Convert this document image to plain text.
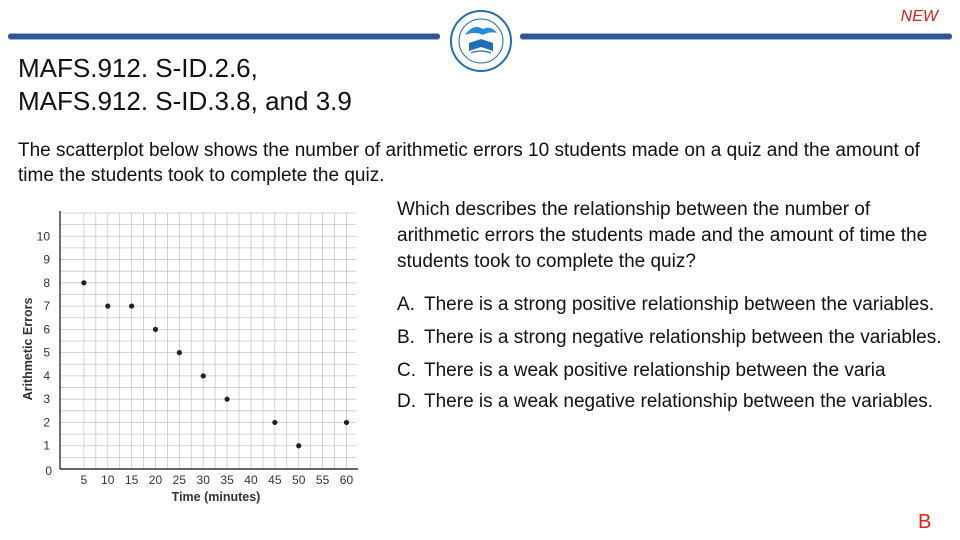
NEW
MAFS.912. S-ID.2.6,
MAFS.912. S-ID.3.8, and 3.9
The scatterplot below shows the number of arithmetic errors 10 students made on a quiz and the amount of time the students took to complete the quiz.
5 10 15 20 25 30 35 40 45 50 55 60
1
2
3
4
5
6
7
8
9
10
0
Time (minutes)
Arithmetic Errors
Which describes the relationship between the number of arithmetic errors the students made and the amount of time the students took to complete the quiz?
A. There is a strong positive relationship between the variables.
B. There is a strong negative relationship between the variables.
C. There is a weak positive relationship between the varia
D. There is a weak negative relationship between the variables.
B
